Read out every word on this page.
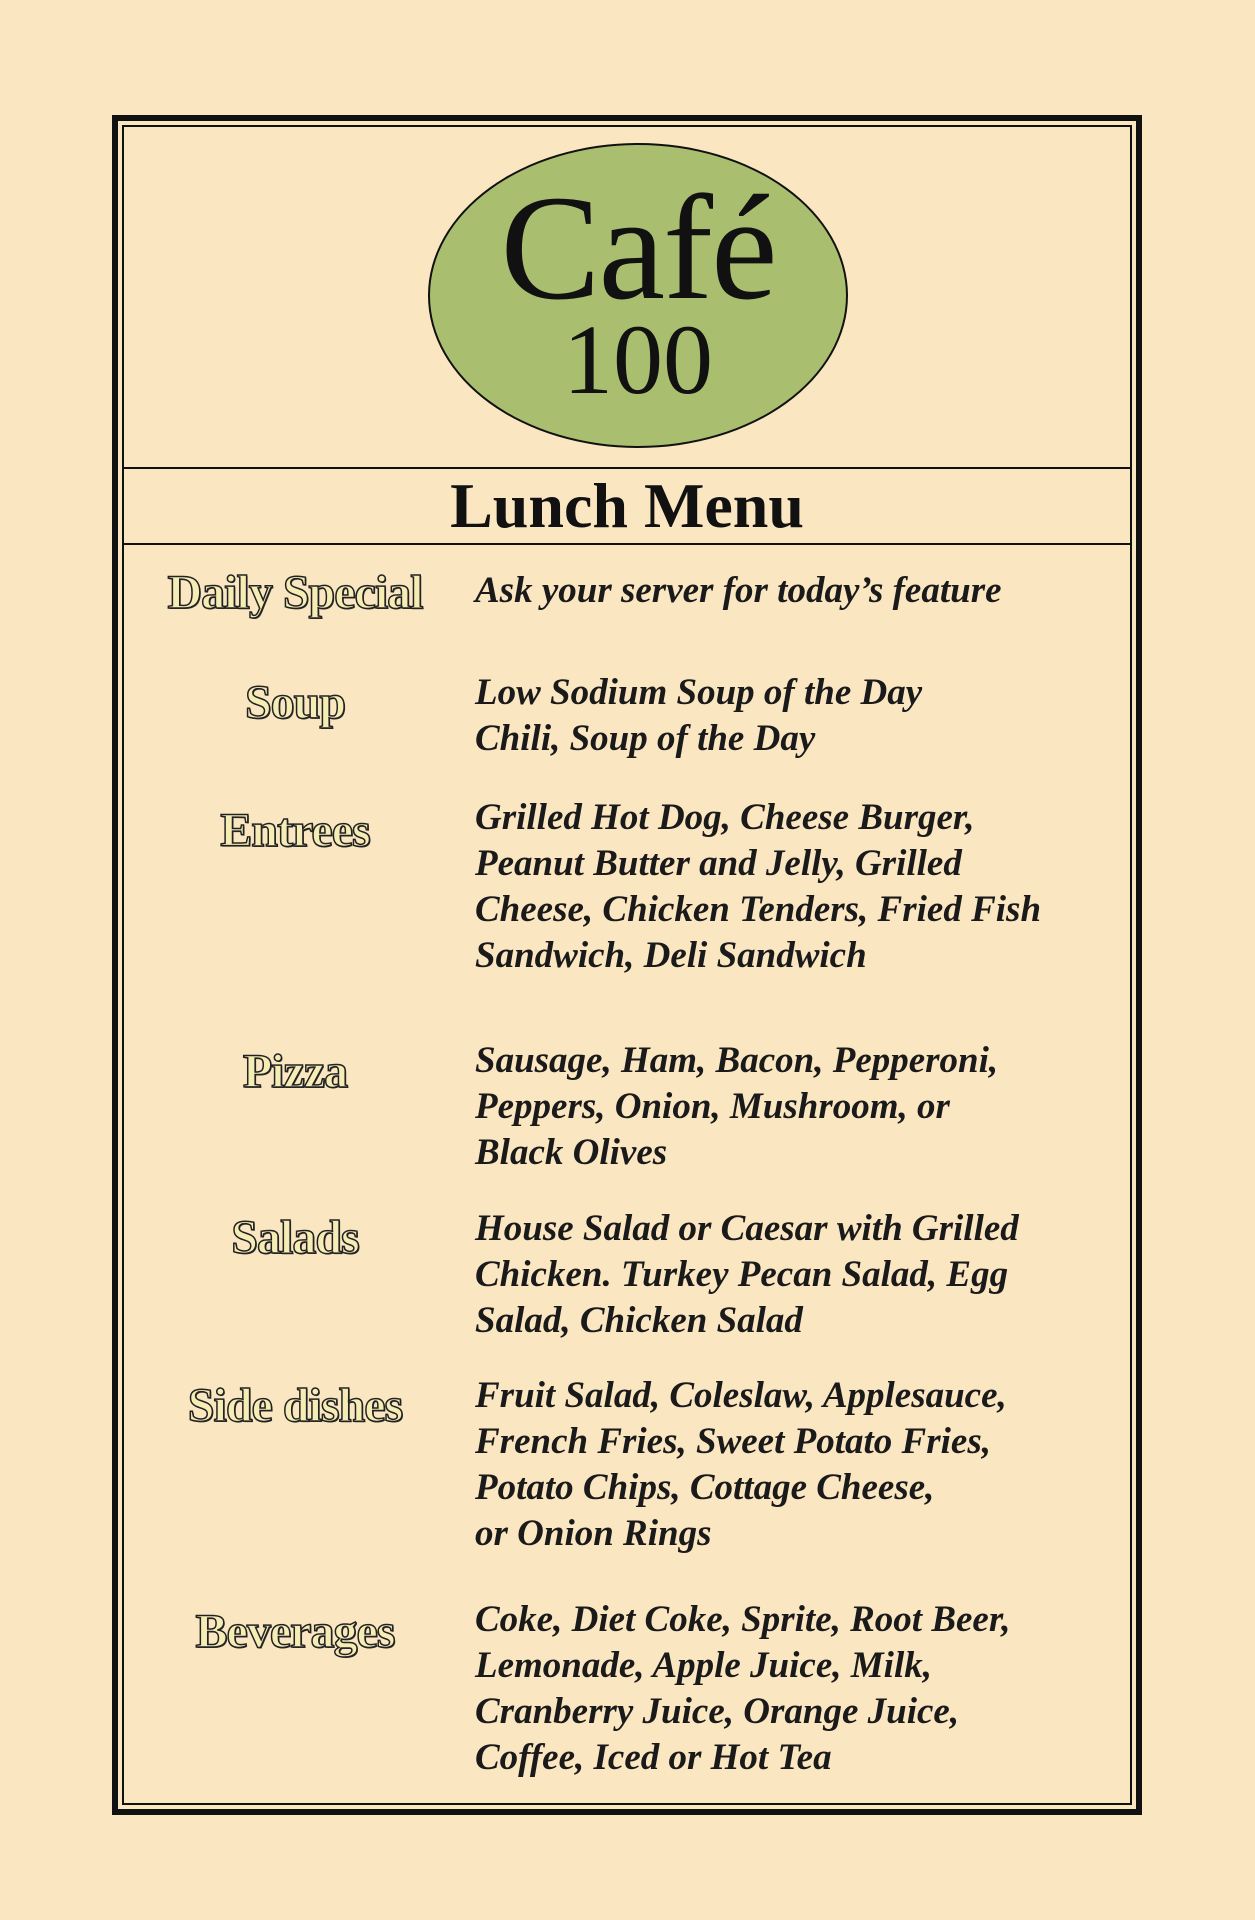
Café
100
Lunch Menu
Daily Special	Ask your server for today’s feature
Soup	Low Sodium Soup of the Day
Chili, Soup of the Day
Entrees	Grilled Hot Dog, Cheese Burger,
Peanut Butter and Jelly, Grilled
Cheese, Chicken Tenders, Fried Fish
Sandwich, Deli Sandwich
Pizza	Sausage, Ham, Bacon, Pepperoni,
Peppers, Onion, Mushroom, or
Black Olives
Salads	House Salad or Caesar with Grilled
Chicken. Turkey Pecan Salad, Egg
Salad, Chicken Salad
Side dishes	Fruit Salad, Coleslaw, Applesauce,
French Fries, Sweet Potato Fries,
Potato Chips, Cottage Cheese,
or Onion Rings
Beverages	Coke, Diet Coke, Sprite, Root Beer,
Lemonade, Apple Juice, Milk,
Cranberry Juice, Orange Juice,
Coffee, Iced or Hot Tea
